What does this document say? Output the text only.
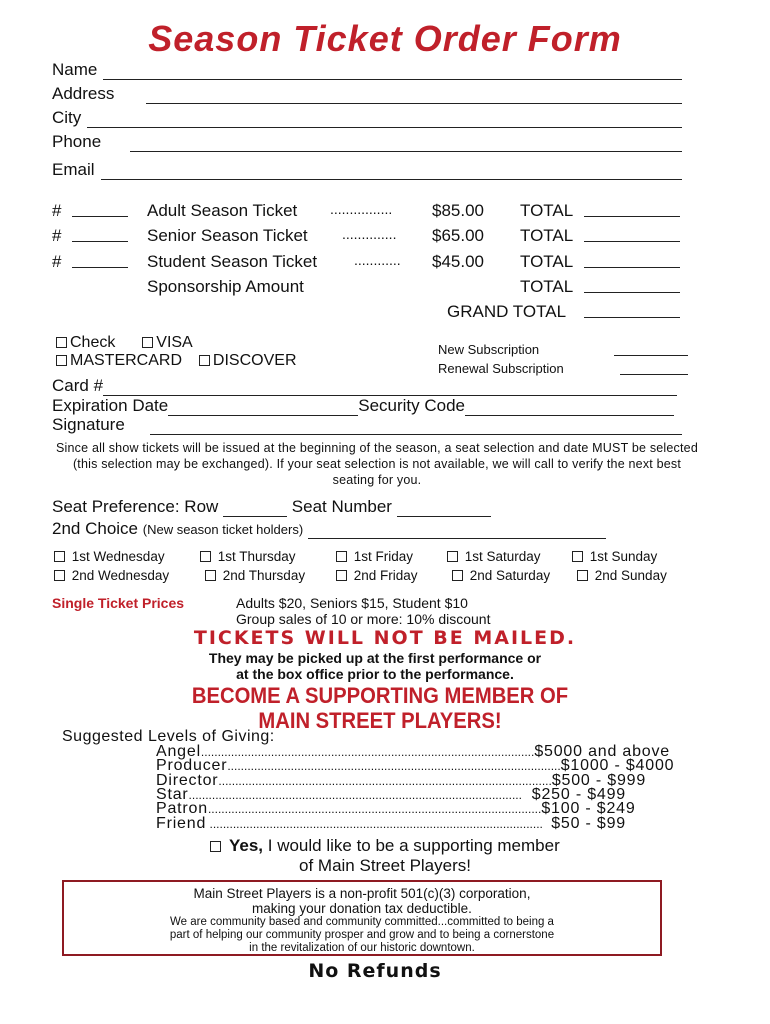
Season Ticket Order Form
Name
Address
City
Phone
Email
#	Adult Season Ticket ................ $85.00 TOTAL
#	Senior Season Ticket .............. $65.00 TOTAL
#	Student Season Ticket	............ $45.00 TOTAL
Sponsorship Amount	TOTAL
GRAND TOTAL
Check	VISA
MASTERCARD DISCOVER
New Subscription
Renewal Subscription
Card #
Expiration Date	Security Code
Signature
Since all show tickets will be issued at the beginning of the season, a seat selection and date MUST be selected (this selection may be exchanged). If your seat selection is not available, we will call to verify the next best seating for you.
Seat Preference: Row	Seat Number
2nd Choice (New season ticket holders)
1st Wednesday	1st Thursday	1st Friday	1st Saturday	1st Sunday
2nd Wednesday	2nd Thursday	2nd Friday	2nd Saturday	2nd Sunday
Single Ticket Prices	Adults $20, Seniors $15, Student $10
Group sales of 10 or more: 10% discount
TICKETS WILL NOT BE MAILED.
They may be picked up at the first performance or
at the box office prior to the performance.
BECOME A SUPPORTING MEMBER OF
MAIN STREET PLAYERS!
Suggested Levels of Giving:
Angel .................................................................................................... $5000 and above
Producer .................................................................................................... $1000 - $4000
Director .................................................................................................... $500 - $999
Star .................................................................................................... $250 - $499
Patron .................................................................................................... $100 - $249
Friend .................................................................................................... $50 - $99
Yes, I would like to be a supporting member
of Main Street Players!
Main Street Players is a non-profit 501(c)(3) corporation,
making your donation tax deductible.
We are community based and community committed...committed to being a
part of helping our community prosper and grow and to being a cornerstone
in the revitalization of our historic downtown.
No Refunds
